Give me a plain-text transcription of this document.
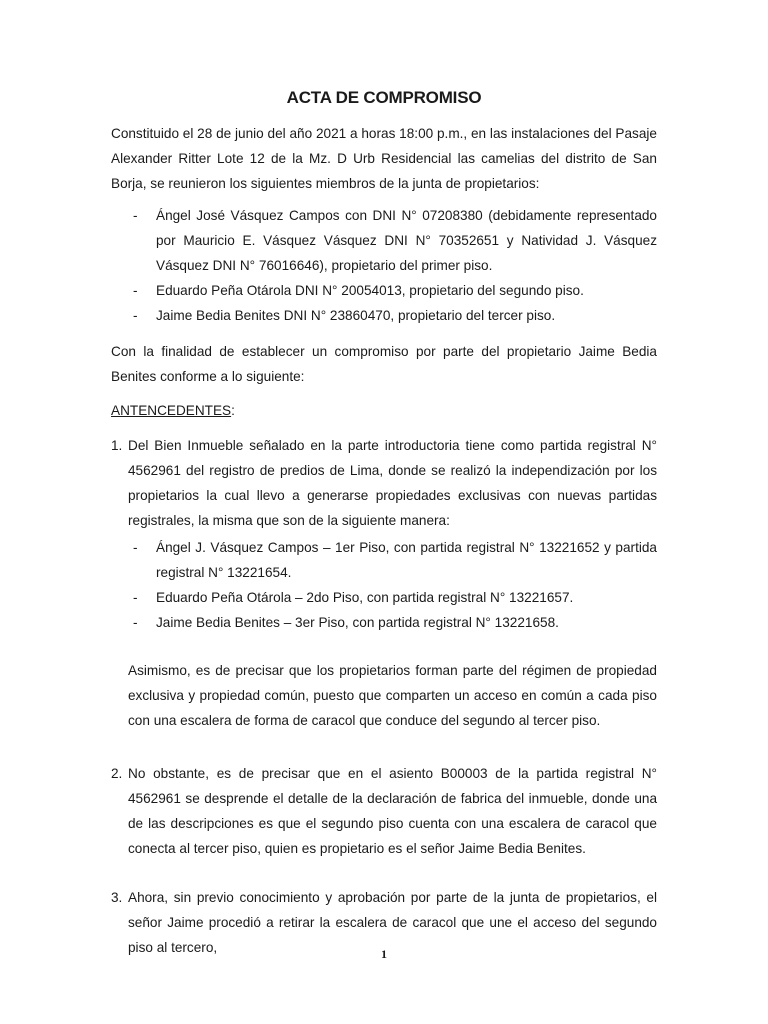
ACTA DE COMPROMISO
Constituido el 28 de junio del año 2021 a horas 18:00 p.m., en las instalaciones del Pasaje Alexander Ritter Lote 12 de la Mz. D Urb Residencial las camelias del distrito de San Borja, se reunieron los siguientes miembros de la junta de propietarios:
-	Ángel José Vásquez Campos con DNI N° 07208380 (debidamente representado por Mauricio E. Vásquez Vásquez DNI N° 70352651 y Natividad J. Vásquez Vásquez DNI N° 76016646), propietario del primer piso.
-	Eduardo Peña Otárola DNI N° 20054013, propietario del segundo piso.
-	Jaime Bedia Benites DNI N° 23860470, propietario del tercer piso.
Con la finalidad de establecer un compromiso por parte del propietario Jaime Bedia Benites conforme a lo siguiente:
ANTENCEDENTES:
1. Del Bien Inmueble señalado en la parte introductoria tiene como partida registral N° 4562961 del registro de predios de Lima, donde se realizó la independización por los propietarios la cual llevo a generarse propiedades exclusivas con nuevas partidas registrales, la misma que son de la siguiente manera:
-	Ángel J. Vásquez Campos – 1er Piso, con partida registral N° 13221652 y partida registral N° 13221654.
-	Eduardo Peña Otárola – 2do Piso, con partida registral N° 13221657.
-	Jaime Bedia Benites – 3er Piso, con partida registral N° 13221658.
Asimismo, es de precisar que los propietarios forman parte del régimen de propiedad exclusiva y propiedad común, puesto que comparten un acceso en común a cada piso con una escalera de forma de caracol que conduce del segundo al tercer piso.
2. No obstante, es de precisar que en el asiento B00003 de la partida registral N° 4562961 se desprende el detalle de la declaración de fabrica del inmueble, donde una de las descripciones es que el segundo piso cuenta con una escalera de caracol que conecta al tercer piso, quien es propietario es el señor Jaime Bedia Benites.
3. Ahora, sin previo conocimiento y aprobación por parte de la junta de propietarios, el señor Jaime procedió a retirar la escalera de caracol que une el acceso del segundo piso al tercero,	1
